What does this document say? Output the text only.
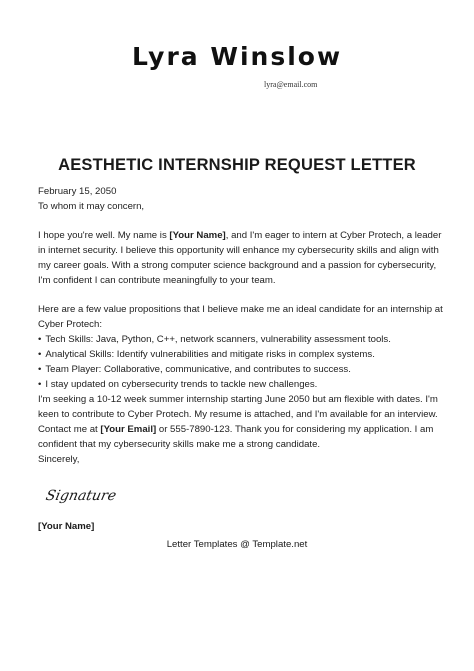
Lyra Winslow
lyra@email.com
AESTHETIC INTERNSHIP REQUEST LETTER
February 15, 2050
To whom it may concern,
I hope you're well. My name is [Your Name], and I'm eager to intern at Cyber Protech, a leader
in internet security. I believe this opportunity will enhance my cybersecurity skills and align with
my career goals. With a strong computer science background and a passion for cybersecurity,
I'm confident I can contribute meaningfully to your team.
Here are a few value propositions that I believe make me an ideal candidate for an internship at
Cyber Protech:
• Tech Skills: Java, Python, C++, network scanners, vulnerability assessment tools.
• Analytical Skills: Identify vulnerabilities and mitigate risks in complex systems.
• Team Player: Collaborative, communicative, and contributes to success.
• I stay updated on cybersecurity trends to tackle new challenges.
I'm seeking a 10-12 week summer internship starting June 2050 but am flexible with dates. I'm
keen to contribute to Cyber Protech. My resume is attached, and I'm available for an interview.
Contact me at [Your Email] or 555-7890-123. Thank you for considering my application. I am
confident that my cybersecurity skills make me a strong candidate.
Sincerely,
Signature
[Your Name]
Letter Templates @ Template.net
